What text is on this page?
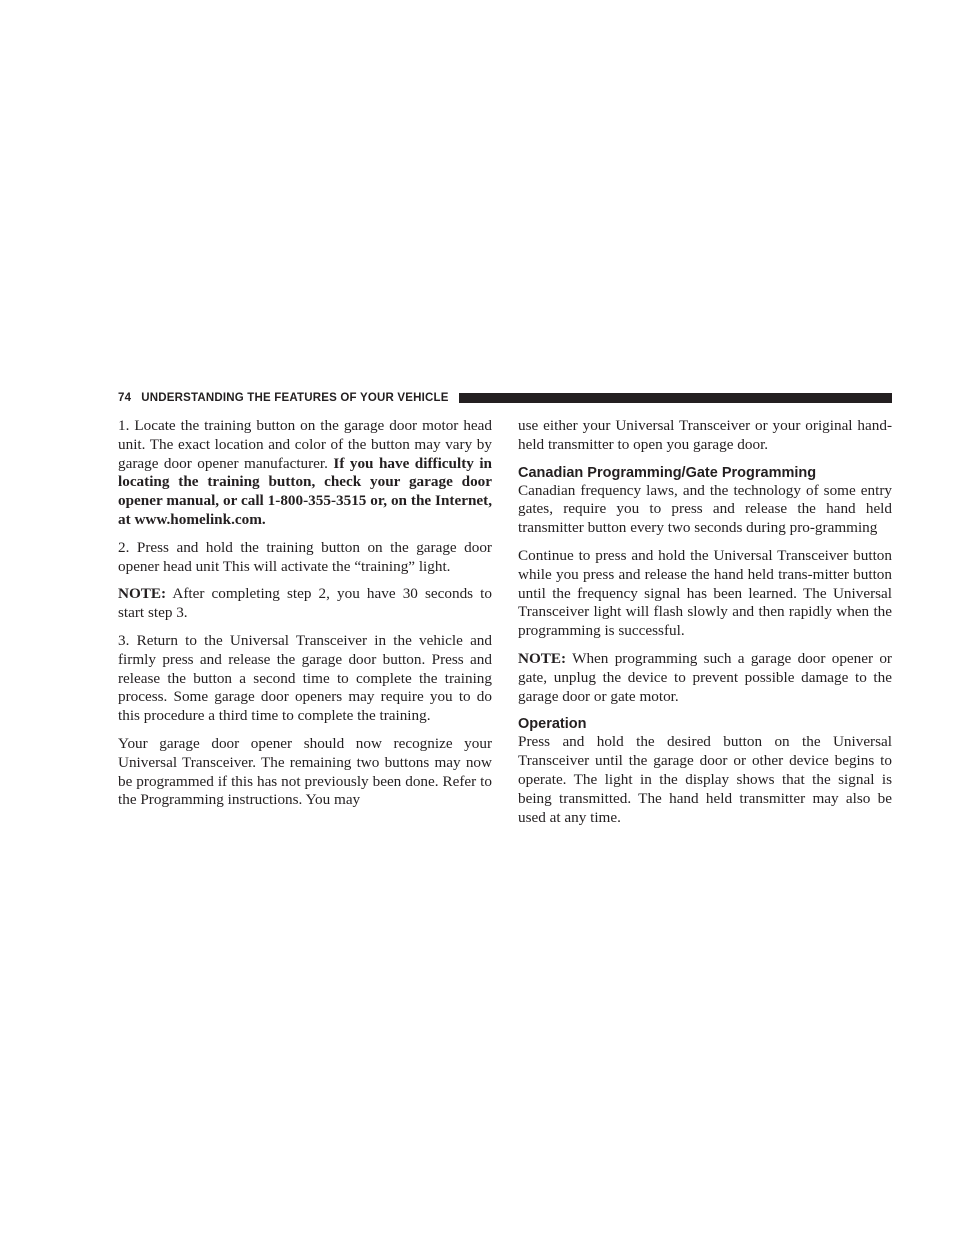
74 UNDERSTANDING THE FEATURES OF YOUR VEHICLE

1. Locate the training button on the garage door motor head unit. The exact location and color of the button may vary by garage door opener manufacturer. If you have difficulty in locating the training button, check your garage door opener manual, or call 1-800-355-3515 or, on the Internet, at www.homelink.com.

2. Press and hold the training button on the garage door opener head unit This will activate the “training” light.

NOTE: After completing step 2, you have 30 seconds to start step 3.

3. Return to the Universal Transceiver in the vehicle and firmly press and release the garage door button. Press and release the button a second time to complete the training process. Some garage door openers may require you to do this procedure a third time to complete the training.

Your garage door opener should now recognize your Universal Transceiver. The remaining two buttons may now be programmed if this has not previously been done. Refer to the Programming instructions. You may

use either your Universal Transceiver or your original hand-held transmitter to open you garage door.

Canadian Programming/Gate Programming

Canadian frequency laws, and the technology of some entry gates, require you to press and release the hand held transmitter button every two seconds during pro-gramming

Continue to press and hold the Universal Transceiver button while you press and release the hand held trans-mitter button until the frequency signal has been learned. The Universal Transceiver light will flash slowly and then rapidly when the programming is successful.

NOTE: When programming such a garage door opener or gate, unplug the device to prevent possible damage to the garage door or gate motor.

Operation

Press and hold the desired button on the Universal Transceiver until the garage door or other device begins to operate. The light in the display shows that the signal is being transmitted. The hand held transmitter may also be used at any time.
